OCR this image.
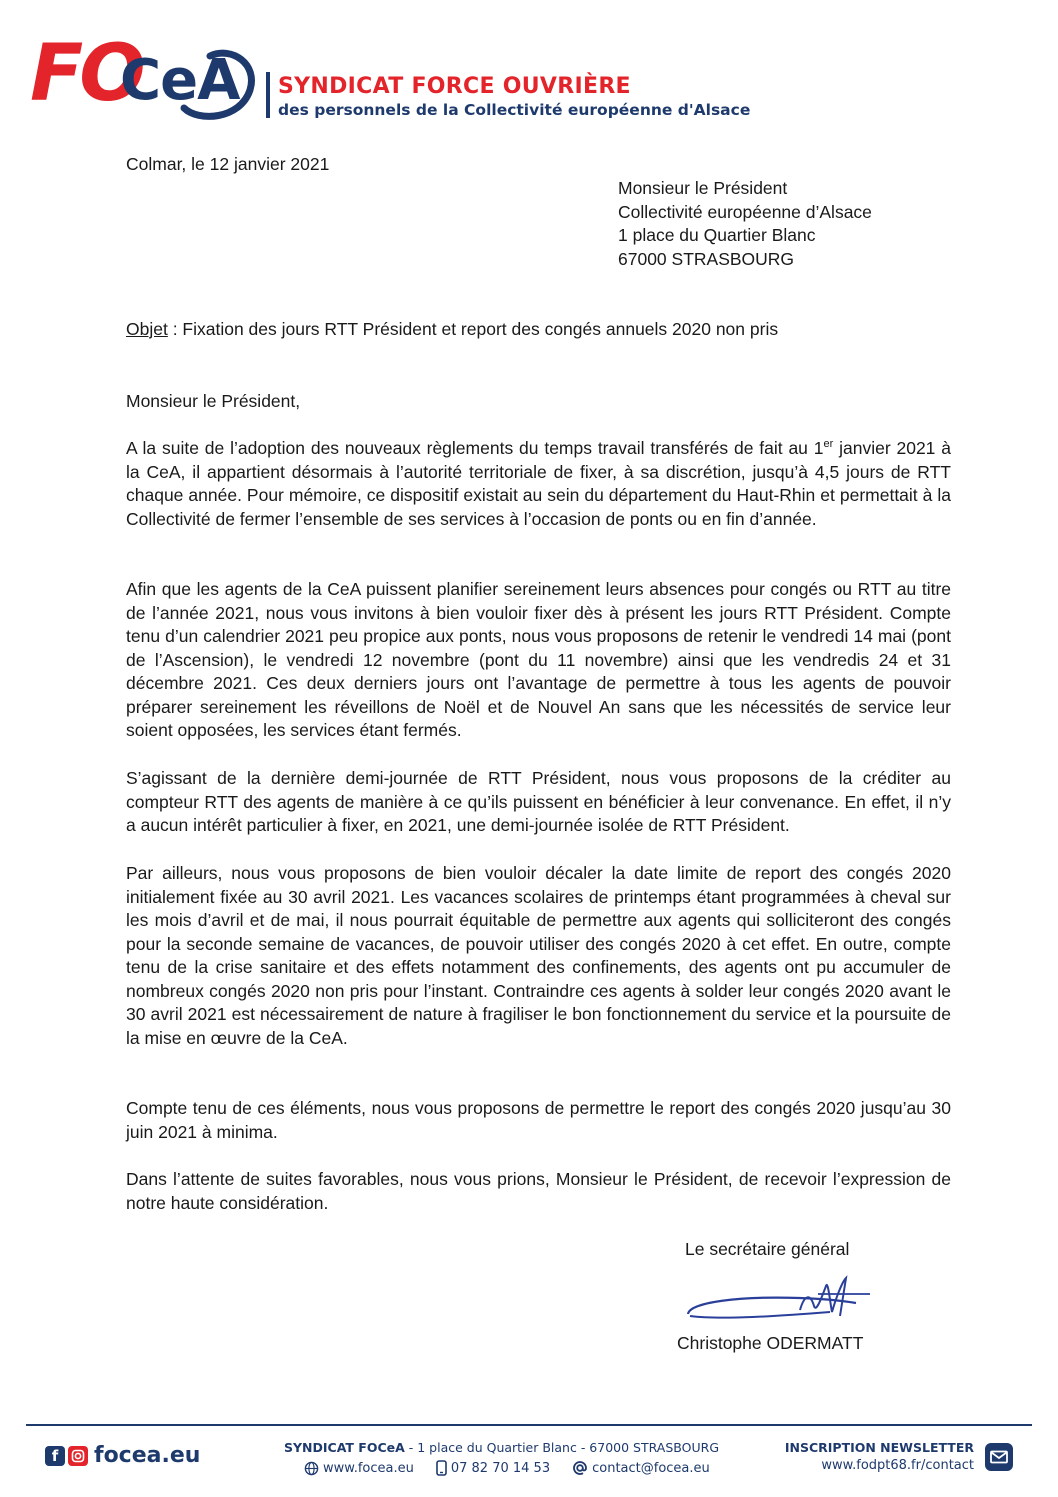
FO
CeA SYNDICAT FORCE OUVRIÈRE
des personnels de la Collectivité européenne d'Alsace
Colmar, le 12 janvier 2021
Monsieur le Président
Collectivité européenne d’Alsace
1 place du Quartier Blanc
67000 STRASBOURG
Objet : Fixation des jours RTT Président et report des congés annuels 2020 non pris
Monsieur le Président,

A la suite de l’adoption des nouveaux règlements du temps travail transférés de fait au 1er janvier 2021 à la CeA, il appartient désormais à l’autorité territoriale de fixer, à sa discrétion, jusqu’à 4,5 jours de RTT chaque année. Pour mémoire, ce dispositif existait au sein du département du Haut-Rhin et permettait à la Collectivité de fermer l’ensemble de ses services à l’occasion de ponts ou en fin d’année.

Afin que les agents de la CeA puissent planifier sereinement leurs absences pour congés ou RTT au titre de l’année 2021, nous vous invitons à bien vouloir fixer dès à présent les jours RTT Président. Compte tenu d’un calendrier 2021 peu propice aux ponts, nous vous proposons de retenir le vendredi 14 mai (pont de l’Ascension), le vendredi 12 novembre (pont du 11 novembre) ainsi que les vendredis 24 et 31 décembre 2021. Ces deux derniers jours ont l’avantage de permettre à tous les agents de pouvoir préparer sereinement les réveillons de Noël et de Nouvel An sans que les nécessités de service leur soient opposées, les services étant fermés.

S’agissant de la dernière demi-journée de RTT Président, nous vous proposons de la créditer au compteur RTT des agents de manière à ce qu’ils puissent en bénéficier à leur convenance. En effet, il n’y a aucun intérêt particulier à fixer, en 2021, une demi-journée isolée de RTT Président.

Par ailleurs, nous vous proposons de bien vouloir décaler la date limite de report des congés 2020 initialement fixée au 30 avril 2021. Les vacances scolaires de printemps étant programmées à cheval sur les mois d’avril et de mai, il nous pourrait équitable de permettre aux agents qui solliciteront des congés pour la seconde semaine de vacances, de pouvoir utiliser des congés 2020 à cet effet. En outre, compte tenu de la crise sanitaire et des effets notamment des confinements, des agents ont pu accumuler de nombreux congés 2020 non pris pour l’instant. Contraindre ces agents à solder leur congés 2020 avant le 30 avril 2021 est nécessairement de nature à fragiliser le bon fonctionnement du service et la poursuite de la mise en œuvre de la CeA.

Compte tenu de ces éléments, nous vous proposons de permettre le report des congés 2020 jusqu’au 30 juin 2021 à minima.

Dans l’attente de suites favorables, nous vous prions, Monsieur le Président, de recevoir l’expression de notre haute considération.

Le secrétaire général
Christophe ODERMATT
f	focea.eu	SYNDICAT FOCeA - 1 place du Quartier Blanc - 67000 STRASBOURG
www.focea.eu	07 82 70 14 53	contact@focea.eu
INSCRIPTION NEWSLETTER
www.fodpt68.fr/contact
